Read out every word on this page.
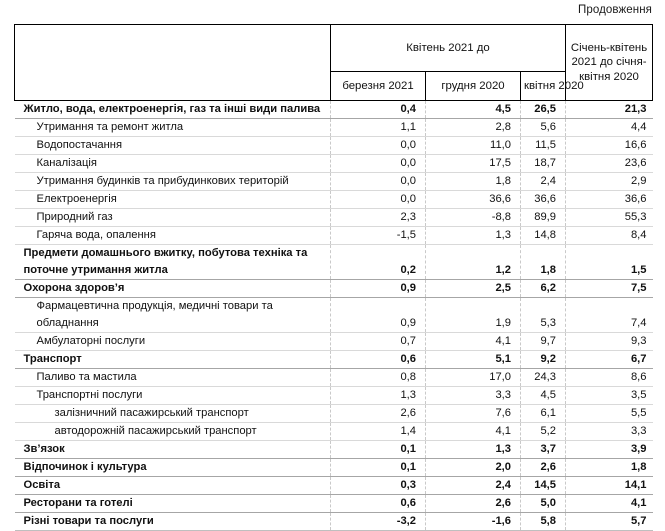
Продовження
	Квітень 2021 до			Січень-квітень 2021 до січня-квітня 2020
	березня 2021	грудня 2020	квітня 2020	

Житло, вода, електроенергія, газ та інші види палива	0,4	4,5	26,5	21,3

Утримання та ремонт житла	1,1	2,8	5,6	4,4

Водопостачання	0,0	11,0	11,5	16,6

Каналізація	0,0	17,5	18,7	23,6

Утримання будинків та прибудинкових територій	0,0	1,8	2,4	2,9

Електроенергія	0,0	36,6	36,6	36,6

Природний газ	2,3	-8,8	89,9	55,3

Гаряча вода, опалення	-1,5	1,3	14,8	8,4

Предмети домашнього вжитку, побутова техніка та поточне утримання житла	0,2	1,2	1,8	1,5

Охорона здоров’я	0,9	2,5	6,2	7,5

Фармацевтична продукція, медичні товари та обладнання	0,9	1,9	5,3	7,4

Амбулаторні послуги	0,7	4,1	9,7	9,3

Транспорт	0,6	5,1	9,2	6,7

Паливо та мастила	0,8	17,0	24,3	8,6

Транспортні послуги	1,3	3,3	4,5	3,5

залізничний пасажирський транспорт	2,6	7,6	6,1	5,5

автодорожній пасажирський транспорт	1,4	4,1	5,2	3,3

Зв’язок	0,1	1,3	3,7	3,9

Відпочинок і культура	0,1	2,0	2,6	1,8

Освіта	0,3	2,4	14,5	14,1

Ресторани та готелі	0,6	2,6	5,0	4,1

Різні товари та послуги	-3,2	-1,6	5,8	5,7
